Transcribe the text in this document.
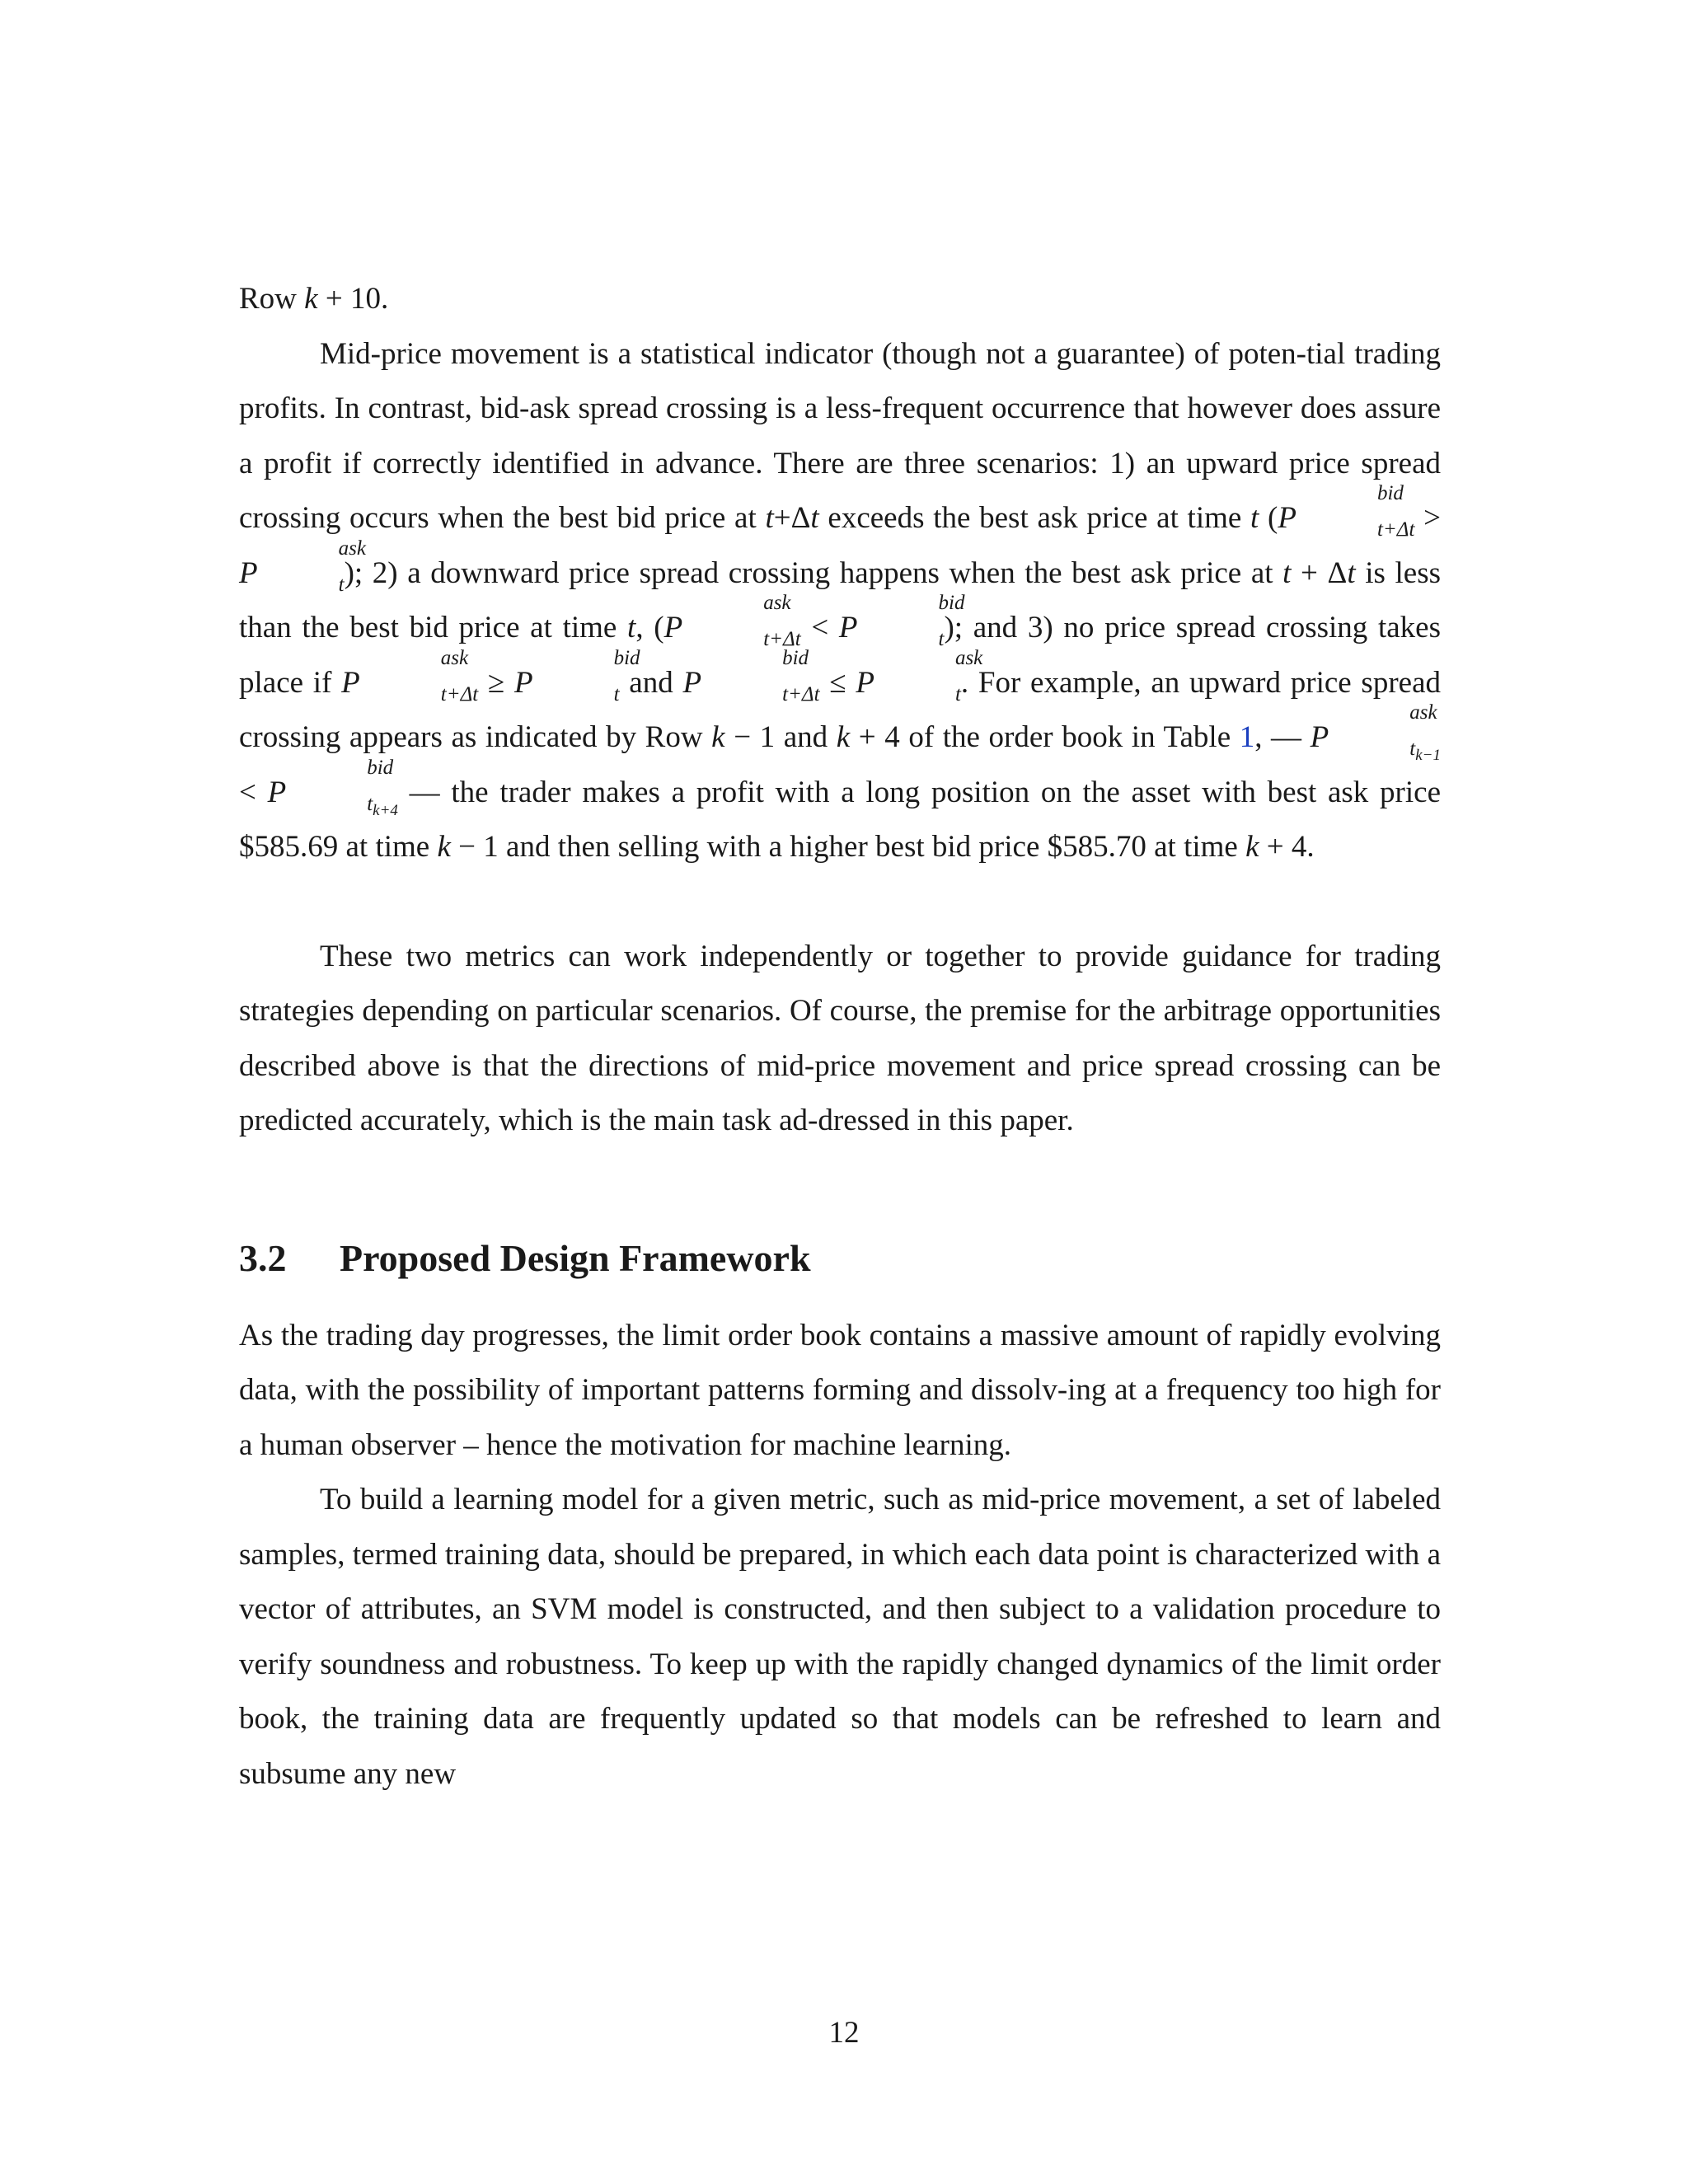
Row k + 10.

Mid-price movement is a statistical indicator (though not a guarantee) of poten-tial trading profits. In contrast, bid-ask spread crossing is a less-frequent occurrence that however does assure a profit if correctly identified in advance. There are three scenarios: 1) an upward price spread crossing occurs when the best bid price at t+Δt exceeds the best ask price at time t (P
bid
$_{t+\Delta t}$ > P
ask
$_t$); 2) a downward price spread crossing happens when the best ask price at t + Δt is less than the best bid price at time t, (P
ask
$_{t+\Delta t}$ < P
bid
$_t$); and 3) no price spread crossing takes place if P
ask
$_{t+\Delta t}$ ≥ P
bid
$_t$ and P
bid
$_{t+\Delta t}$ ≤ P
ask
$_t$. For example, an upward price spread crossing appears as indicated by Row k − 1 and k + 4 of the order book in Table 1, — P
ask
$_{t_{k-1}}$ < P
bid
$_{t_{k+4}}$ — the trader makes a profit with a long position on the asset with best ask price $585.69 at time k − 1 and then selling with a higher best bid price $585.70 at time k + 4.

These two metrics can work independently or together to provide guidance for trading strategies depending on particular scenarios. Of course, the premise for the arbitrage opportunities described above is that the directions of mid-price movement and price spread crossing can be predicted accurately, which is the main task ad-dressed in this paper.

3.2 Proposed Design Framework

As the trading day progresses, the limit order book contains a massive amount of rapidly evolving data, with the possibility of important patterns forming and dissolv-ing at a frequency too high for a human observer – hence the motivation for machine learning.

To build a learning model for a given metric, such as mid-price movement, a set of labeled samples, termed training data, should be prepared, in which each data point is characterized with a vector of attributes, an SVM model is constructed, and then subject to a validation procedure to verify soundness and robustness. To keep up with the rapidly changed dynamics of the limit order book, the training data are frequently updated so that models can be refreshed to learn and subsume any new

12
